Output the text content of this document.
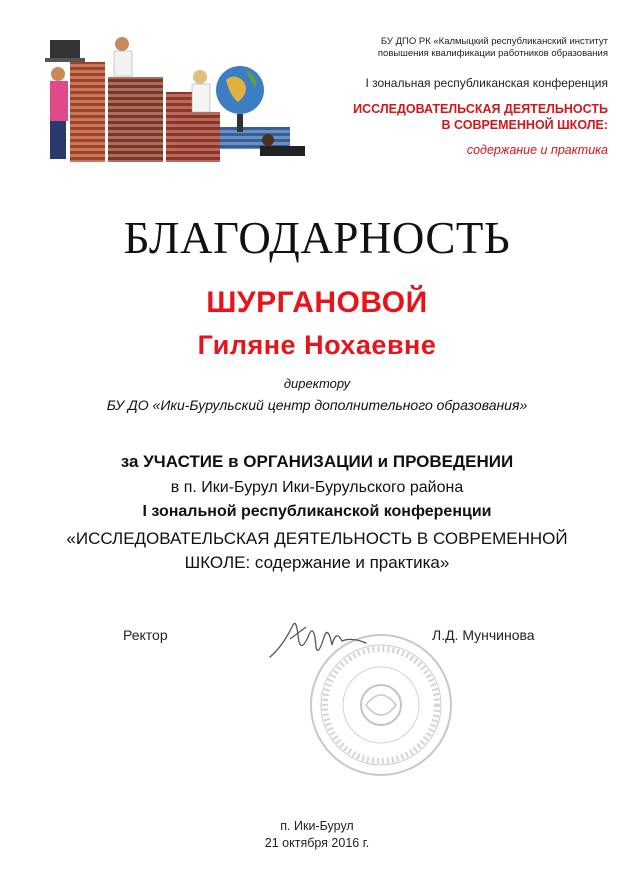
БУ ДПО РК «Калмыцкий республиканский институт
повышения квалификации работников образования
I зональная республиканская конференция
ИССЛЕДОВАТЕЛЬСКАЯ ДЕЯТЕЛЬНОСТЬ
В СОВРЕМЕННОЙ ШКОЛЕ:
содержание и практика
БЛАГОДАРНОСТЬ
ШУРГАНОВОЙ
Гиляне Нохаевне
директору
БУ ДО «Ики-Бурульский центр дополнительного образования»
за УЧАСТИЕ в ОРГАНИЗАЦИИ и ПРОВЕДЕНИИ
в п. Ики-Бурул Ики-Бурульского района
I зональной республиканской конференции
«ИССЛЕДОВАТЕЛЬСКАЯ ДЕЯТЕЛЬНОСТЬ В СОВРЕМЕННОЙ
ШКОЛЕ: содержание и практика»
Ректор	Л.Д. Мунчинова
п. Ики-Бурул
21 октября 2016 г.
